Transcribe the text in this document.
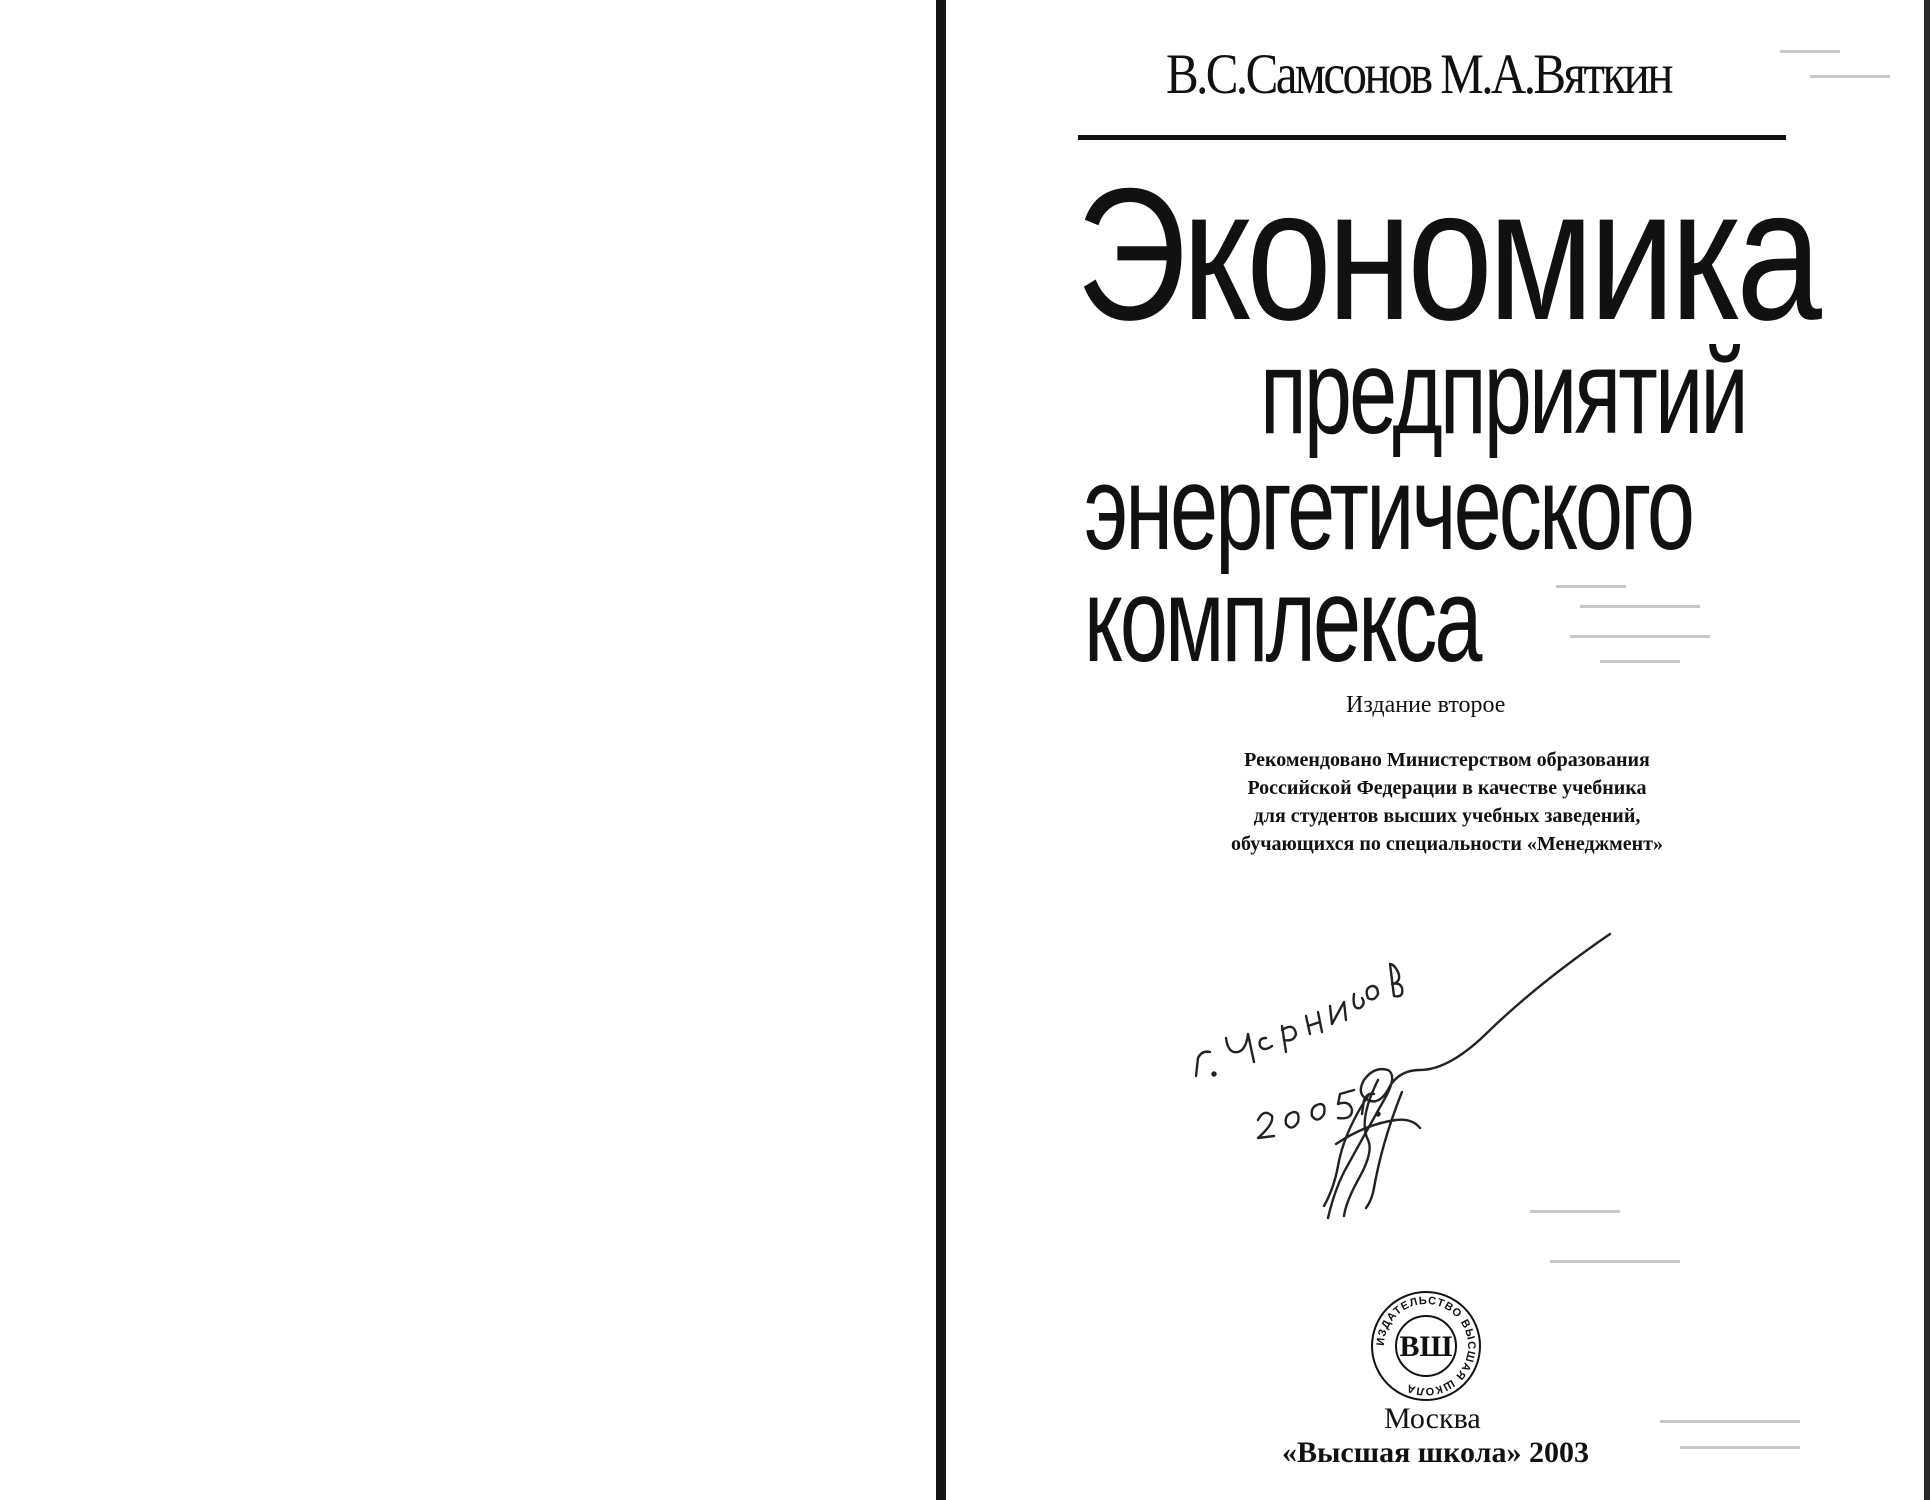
В.С.Самсонов М.А.Вяткин
Экономика
предприятий
энергетического
комплекса
Издание второе
Рекомендовано Министерством образования
Российской Федерации в качестве учебника
для студентов высших учебных заведений,
обучающихся по специальности «Менеджмент»
ИЗДАТЕЛЬСТВО ВЫСШАЯ ШКОЛА
ВШ
Москва
«Высшая школа» 2003
